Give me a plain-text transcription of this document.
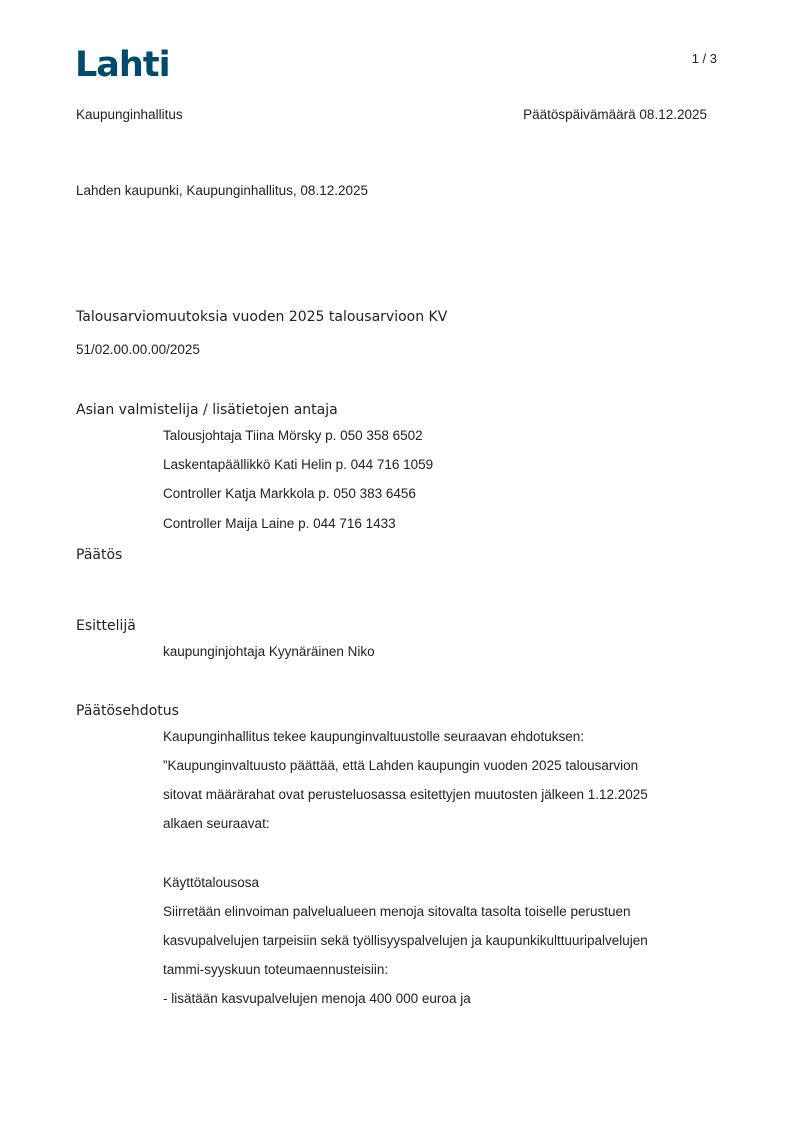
Lahti	1 / 3
Kaupunginhallitus	Päätöspäivämäärä 08.12.2025
Lahden kaupunki, Kaupunginhallitus, 08.12.2025
Talousarviomuutoksia vuoden 2025 talousarvioon KV
51/02.00.00.00/2025
Asian valmistelija / lisätietojen antaja
Talousjohtaja Tiina Mörsky p. 050 358 6502
Laskentapäällikkö Kati Helin p. 044 716 1059
Controller Katja Markkola p. 050 383 6456
Controller Maija Laine p. 044 716 1433
Päätös
Esittelijä
kaupunginjohtaja Kyynäräinen Niko
Päätösehdotus
Kaupunginhallitus tekee kaupunginvaltuustolle seuraavan ehdotuksen:
”Kaupunginvaltuusto päättää, että Lahden kaupungin vuoden 2025 talousarvion
sitovat määrärahat ovat perusteluosassa esitettyjen muutosten jälkeen 1.12.2025
alkaen seuraavat:
Käyttötalousosa
Siirretään elinvoiman palvelualueen menoja sitovalta tasolta toiselle perustuen
kasvupalvelujen tarpeisiin sekä työllisyyspalvelujen ja kaupunkikulttuuripalvelujen
tammi-syyskuun toteumaennusteisiin:
- lisätään kasvupalvelujen menoja 400 000 euroa ja
